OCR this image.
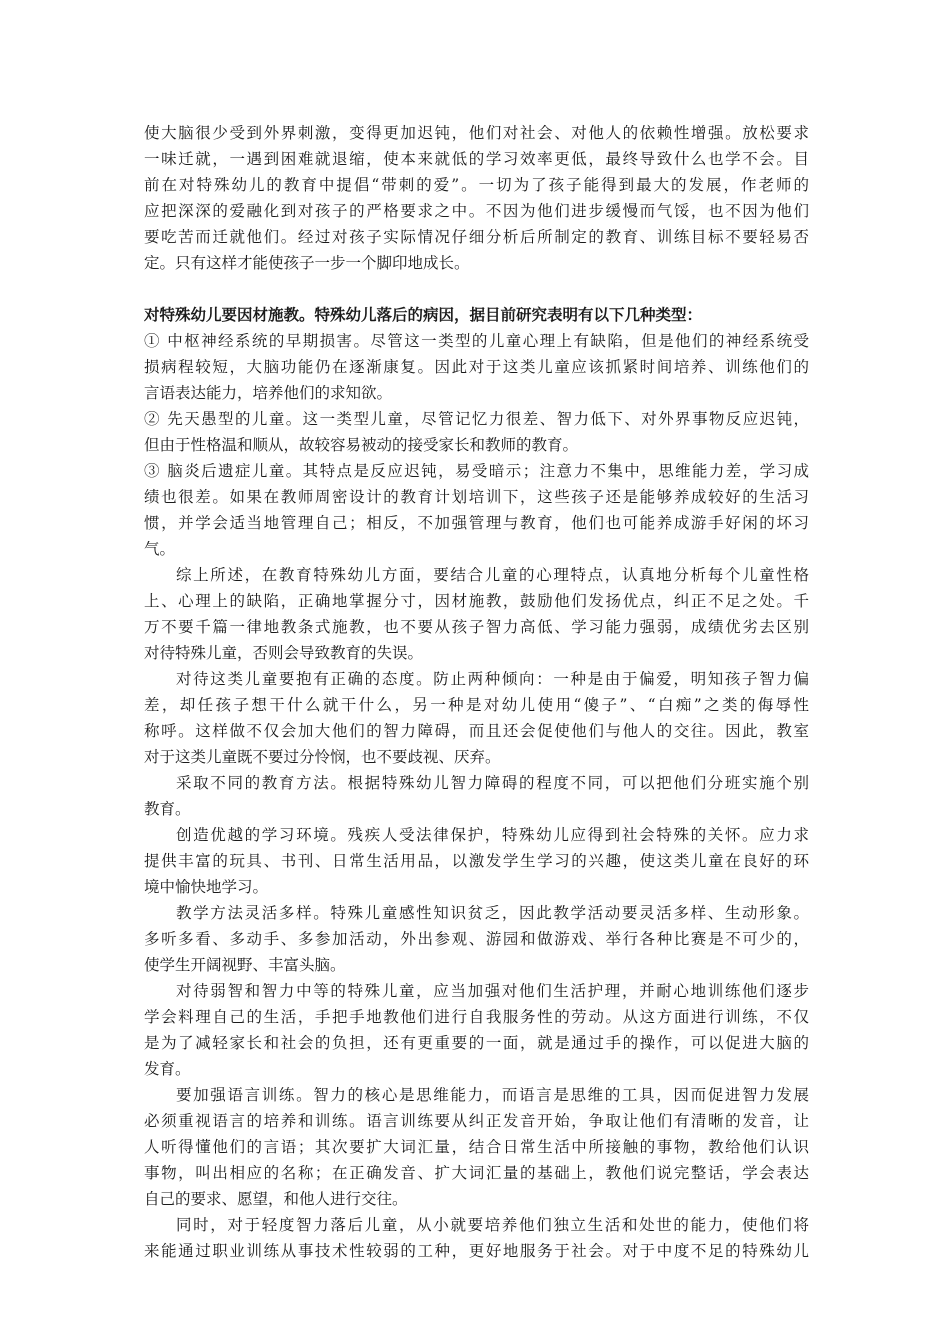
使大脑很少受到外界刺激，变得更加迟钝，他们对社会、对他人的依赖性增强。放松要求
一味迁就，一遇到困难就退缩，使本来就低的学习效率更低，最终导致什么也学不会。目
前在对特殊幼儿的教育中提倡“带刺的爱”。一切为了孩子能得到最大的发展，作老师的
应把深深的爱融化到对孩子的严格要求之中。不因为他们进步缓慢而气馁，也不因为他们
要吃苦而迁就他们。经过对孩子实际情况仔细分析后所制定的教育、训练目标不要轻易否
定。只有这样才能使孩子一步一个脚印地成长。
对特殊幼儿要因材施教。特殊幼儿落后的病因，据目前研究表明有以下几种类型：
① 中枢神经系统的早期损害。尽管这一类型的儿童心理上有缺陷，但是他们的神经系统受
损病程较短，大脑功能仍在逐渐康复。因此对于这类儿童应该抓紧时间培养、训练他们的
言语表达能力，培养他们的求知欲。
② 先天愚型的儿童。这一类型儿童，尽管记忆力很差、智力低下、对外界事物反应迟钝，
但由于性格温和顺从，故较容易被动的接受家长和教师的教育。
③ 脑炎后遗症儿童。其特点是反应迟钝，易受暗示；注意力不集中，思维能力差，学习成
绩也很差。如果在教师周密设计的教育计划培训下，这些孩子还是能够养成较好的生活习
惯，并学会适当地管理自己；相反，不加强管理与教育，他们也可能养成游手好闲的坏习
气。
综上所述，在教育特殊幼儿方面，要结合儿童的心理特点，认真地分析每个儿童性格
上、心理上的缺陷，正确地掌握分寸，因材施教，鼓励他们发扬优点，纠正不足之处。千
万不要千篇一律地教条式施教，也不要从孩子智力高低、学习能力强弱，成绩优劣去区别
对待特殊儿童，否则会导致教育的失误。
对待这类儿童要抱有正确的态度。防止两种倾向：一种是由于偏爱，明知孩子智力偏
差，却任孩子想干什么就干什么，另一种是对幼儿使用“傻子”、“白痴”之类的侮辱性
称呼。这样做不仅会加大他们的智力障碍，而且还会促使他们与他人的交往。因此，教室
对于这类儿童既不要过分怜悯，也不要歧视、厌弃。
采取不同的教育方法。根据特殊幼儿智力障碍的程度不同，可以把他们分班实施个别
教育。
创造优越的学习环境。残疾人受法律保护，特殊幼儿应得到社会特殊的关怀。应力求
提供丰富的玩具、书刊、日常生活用品，以激发学生学习的兴趣，使这类儿童在良好的环
境中愉快地学习。
教学方法灵活多样。特殊儿童感性知识贫乏，因此教学活动要灵活多样、生动形象。
多听多看、多动手、多参加活动，外出参观、游园和做游戏、举行各种比赛是不可少的，
使学生开阔视野、丰富头脑。
对待弱智和智力中等的特殊儿童，应当加强对他们生活护理，并耐心地训练他们逐步
学会料理自己的生活，手把手地教他们进行自我服务性的劳动。从这方面进行训练，不仅
是为了减轻家长和社会的负担，还有更重要的一面，就是通过手的操作，可以促进大脑的
发育。
要加强语言训练。智力的核心是思维能力，而语言是思维的工具，因而促进智力发展
必须重视语言的培养和训练。语言训练要从纠正发音开始，争取让他们有清晰的发音，让
人听得懂他们的言语；其次要扩大词汇量，结合日常生活中所接触的事物，教给他们认识
事物，叫出相应的名称；在正确发音、扩大词汇量的基础上，教他们说完整话，学会表达
自己的要求、愿望，和他人进行交往。
同时，对于轻度智力落后儿童，从小就要培养他们独立生活和处世的能力，使他们将
来能通过职业训练从事技术性较弱的工种，更好地服务于社会。对于中度不足的特殊幼儿
